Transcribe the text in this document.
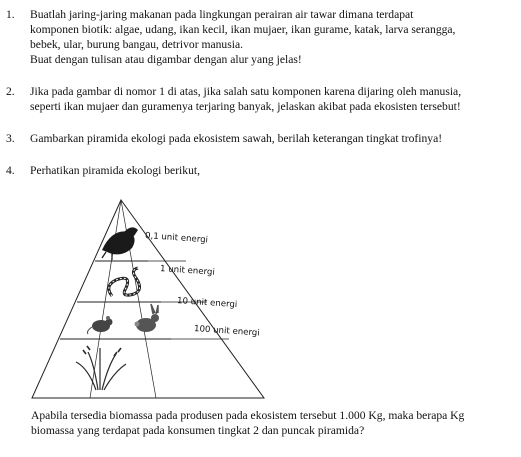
1. Buatlah jaring-jaring makanan pada lingkungan perairan air tawar dimana terdapat
komponen biotik: algae, udang, ikan kecil, ikan mujaer, ikan gurame, katak, larva serangga,
bebek, ular, burung bangau, detrivor manusia.
Buat dengan tulisan atau digambar dengan alur yang jelas!
2. Jika pada gambar di nomor 1 di atas, jika salah satu komponen karena dijaring oleh manusia,
seperti ikan mujaer dan guramenya terjaring banyak, jelaskan akibat pada ekosisten tersebut!
3. Gambarkan piramida ekologi pada ekosistem sawah, berilah keterangan tingkat trofinya!
4. Perhatikan piramida ekologi berikut,
0,1 unit energi
1 unit energi
10 unit energi
100 unit energi
Apabila tersedia biomassa pada produsen pada ekosistem tersebut 1.000 Kg, maka berapa Kg
biomassa yang terdapat pada konsumen tingkat 2 dan puncak piramida?
